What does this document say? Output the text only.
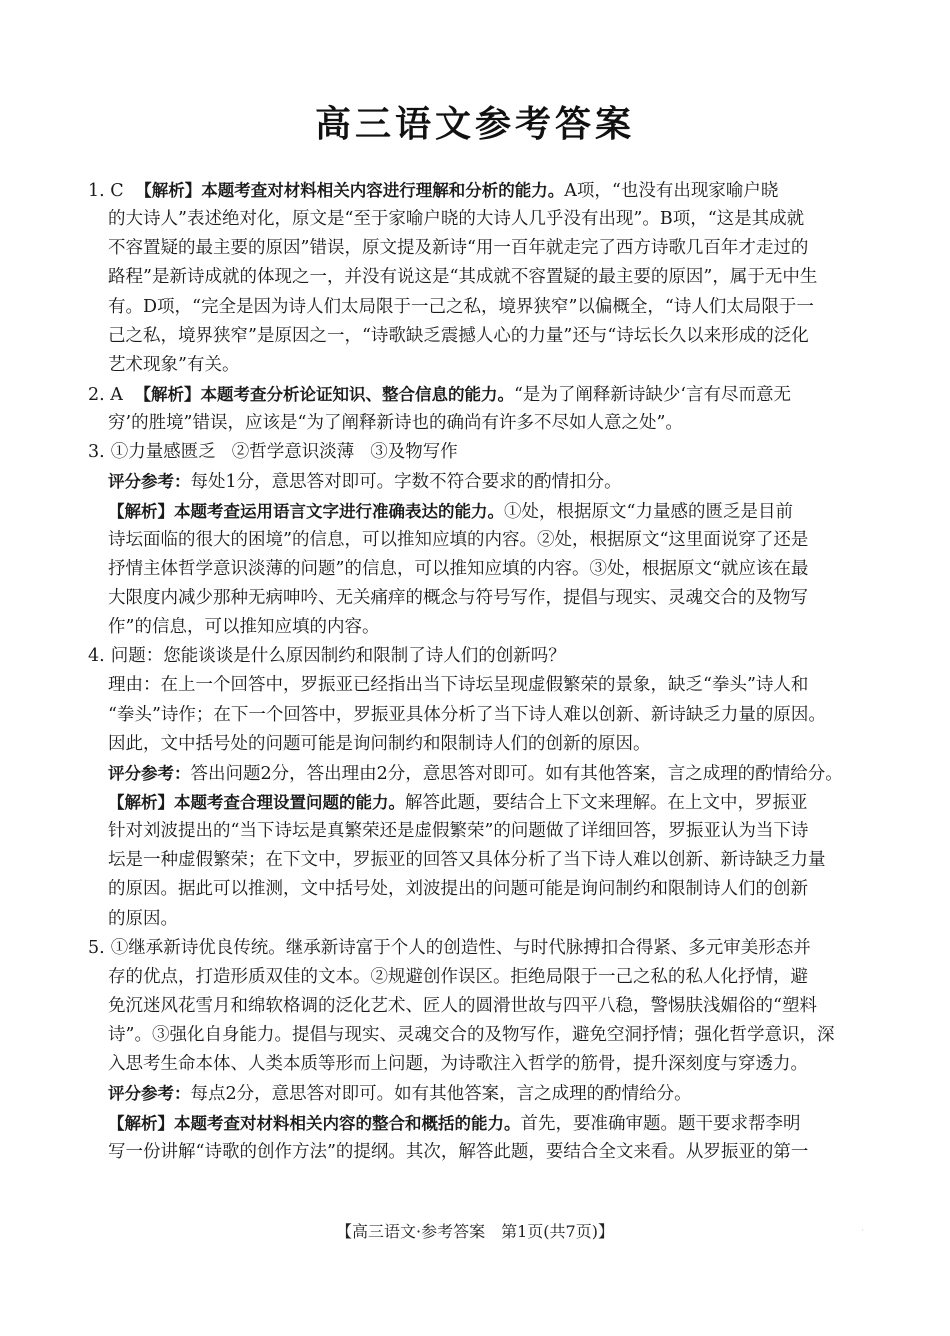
高三语文参考答案
1. C 【解析】本题考查对材料相关内容进行理解和分析的能力。A项，“也没有出现家喻户晓
的大诗人”表述绝对化，原文是“至于家喻户晓的大诗人几乎没有出现”。B项，“这是其成就
不容置疑的最主要的原因”错误，原文提及新诗“用一百年就走完了西方诗歌几百年才走过的
路程”是新诗成就的体现之一，并没有说这是“其成就不容置疑的最主要的原因”，属于无中生
有。D项，“完全是因为诗人们太局限于一己之私，境界狭窄”以偏概全，“诗人们太局限于一
己之私，境界狭窄”是原因之一，“诗歌缺乏震撼人心的力量”还与“诗坛长久以来形成的泛化
艺术现象”有关。
2. A 【解析】本题考查分析论证知识、整合信息的能力。“是为了阐释新诗缺少‘言有尽而意无
穷’的胜境”错误，应该是“为了阐释新诗也的确尚有许多不尽如人意之处”。
3. ①力量感匮乏 ②哲学意识淡薄 ③及物写作
评分参考：每处1分，意思答对即可。字数不符合要求的酌情扣分。
【解析】本题考查运用语言文字进行准确表达的能力。①处，根据原文“力量感的匮乏是目前
诗坛面临的很大的困境”的信息，可以推知应填的内容。②处，根据原文“这里面说穿了还是
抒情主体哲学意识淡薄的问题”的信息，可以推知应填的内容。③处，根据原文“就应该在最
大限度内减少那种无病呻吟、无关痛痒的概念与符号写作，提倡与现实、灵魂交合的及物写
作”的信息，可以推知应填的内容。
4. 问题：您能谈谈是什么原因制约和限制了诗人们的创新吗？
理由：在上一个回答中，罗振亚已经指出当下诗坛呈现虚假繁荣的景象，缺乏“拳头”诗人和
“拳头”诗作；在下一个回答中，罗振亚具体分析了当下诗人难以创新、新诗缺乏力量的原因。
因此，文中括号处的问题可能是询问制约和限制诗人们的创新的原因。
评分参考：答出问题2分，答出理由2分，意思答对即可。如有其他答案，言之成理的酌情给分。
【解析】本题考查合理设置问题的能力。解答此题，要结合上下文来理解。在上文中，罗振亚
针对刘波提出的“当下诗坛是真繁荣还是虚假繁荣”的问题做了详细回答，罗振亚认为当下诗
坛是一种虚假繁荣；在下文中，罗振亚的回答又具体分析了当下诗人难以创新、新诗缺乏力量
的原因。据此可以推测，文中括号处，刘波提出的问题可能是询问制约和限制诗人们的创新
的原因。
5. ①继承新诗优良传统。继承新诗富于个人的创造性、与时代脉搏扣合得紧、多元审美形态并
存的优点，打造形质双佳的文本。②规避创作误区。拒绝局限于一己之私的私人化抒情，避
免沉迷风花雪月和绵软格调的泛化艺术、匠人的圆滑世故与四平八稳，警惕肤浅媚俗的“塑料
诗”。③强化自身能力。提倡与现实、灵魂交合的及物写作，避免空洞抒情；强化哲学意识，深
入思考生命本体、人类本质等形而上问题，为诗歌注入哲学的筋骨，提升深刻度与穿透力。
评分参考：每点2分，意思答对即可。如有其他答案，言之成理的酌情给分。
【解析】本题考查对材料相关内容的整合和概括的能力。首先，要准确审题。题干要求帮李明
写一份讲解“诗歌的创作方法”的提纲。其次，解答此题，要结合全文来看。从罗振亚的第一
【高三语文·参考答案　第1页(共7页)】	·
